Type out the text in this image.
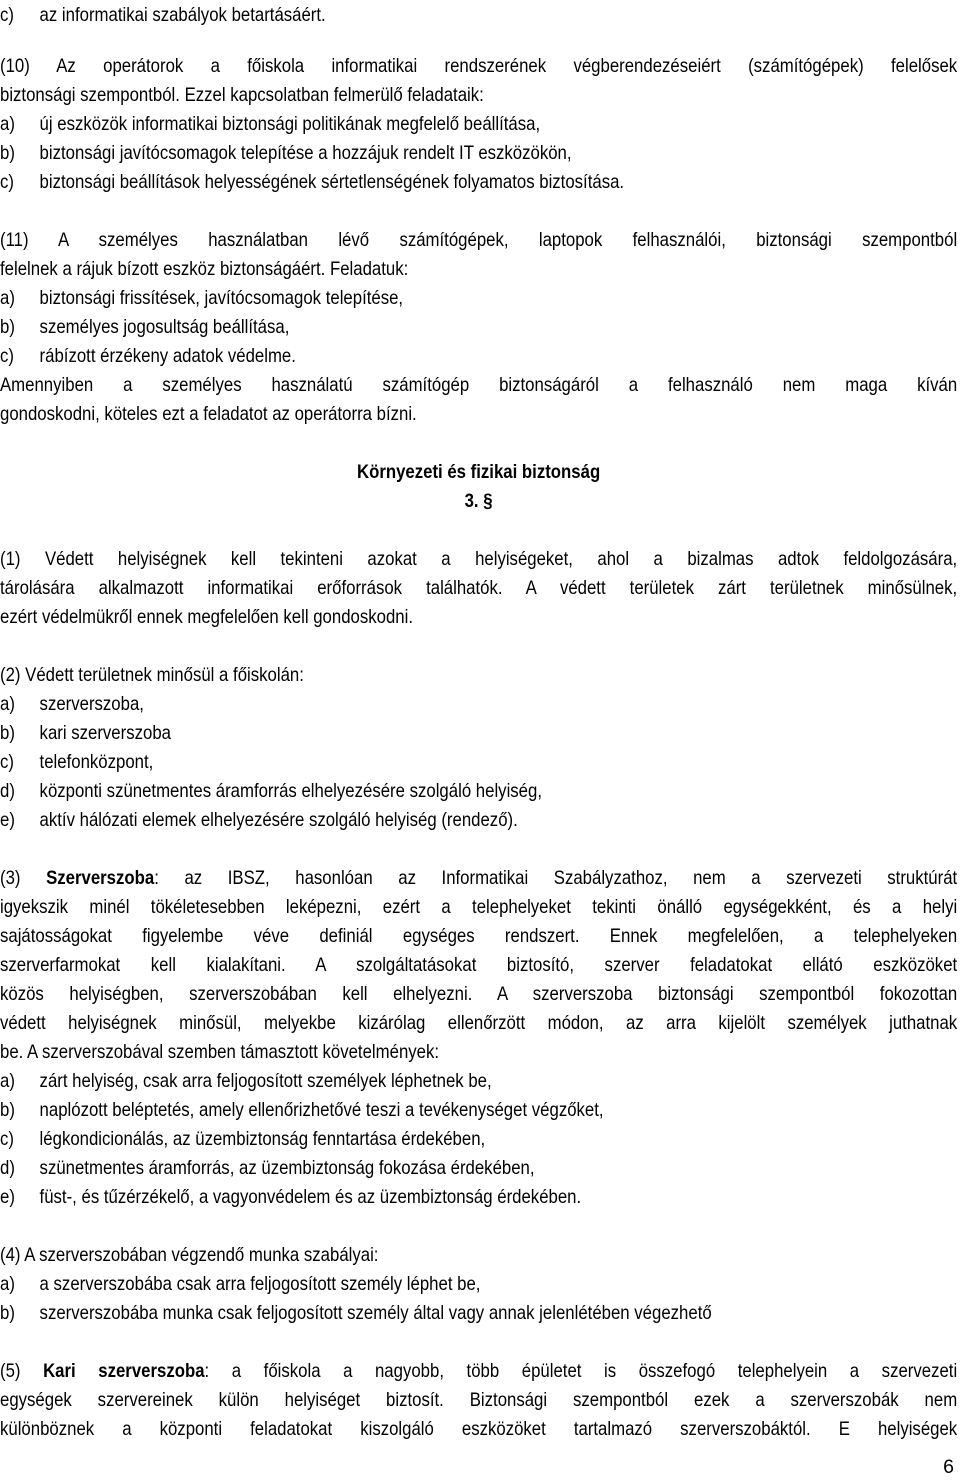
c) az informatikai szabályok betartásáért.
(10) Az operátorok a főiskola informatikai rendszerének végberendezéseiért (számítógépek) felelősek
biztonsági szempontból. Ezzel kapcsolatban felmerülő feladataik:
a) új eszközök informatikai biztonsági politikának megfelelő beállítása,
b) biztonsági javítócsomagok telepítése a hozzájuk rendelt IT eszközökön,
c) biztonsági beállítások helyességének sértetlenségének folyamatos biztosítása.
(11) A személyes használatban lévő számítógépek, laptopok felhasználói, biztonsági szempontból
felelnek a rájuk bízott eszköz biztonságáért. Feladatuk:
a) biztonsági frissítések, javítócsomagok telepítése,
b) személyes jogosultság beállítása,
c) rábízott érzékeny adatok védelme.
Amennyiben a személyes használatú számítógép biztonságáról a felhasználó nem maga kíván
gondoskodni, köteles ezt a feladatot az operátorra bízni.
Környezeti és fizikai biztonság
3. §
(1) Védett helyiségnek kell tekinteni azokat a helyiségeket, ahol a bizalmas adtok feldolgozására,
tárolására alkalmazott informatikai erőforrások találhatók. A védett területek zárt területnek minősülnek,
ezért védelmükről ennek megfelelően kell gondoskodni.
(2) Védett területnek minősül a főiskolán:
a) szerverszoba,
b) kari szerverszoba
c) telefonközpont,
d) központi szünetmentes áramforrás elhelyezésére szolgáló helyiség,
e) aktív hálózati elemek elhelyezésére szolgáló helyiség (rendező).
(3) Szerverszoba: az IBSZ, hasonlóan az Informatikai Szabályzathoz, nem a szervezeti struktúrát
igyekszik minél tökéletesebben leképezni, ezért a telephelyeket tekinti önálló egységekként, és a helyi
sajátosságokat figyelembe véve definiál egységes rendszert. Ennek megfelelően, a telephelyeken
szerverfarmokat kell kialakítani. A szolgáltatásokat biztosító, szerver feladatokat ellátó eszközöket
közös helyiségben, szerverszobában kell elhelyezni. A szerverszoba biztonsági szempontból fokozottan
védett helyiségnek minősül, melyekbe kizárólag ellenőrzött módon, az arra kijelölt személyek juthatnak
be. A szerverszobával szemben támasztott követelmények:
a) zárt helyiség, csak arra feljogosított személyek léphetnek be,
b) naplózott beléptetés, amely ellenőrizhetővé teszi a tevékenységet végzőket,
c) légkondicionálás, az üzembiztonság fenntartása érdekében,
d) szünetmentes áramforrás, az üzembiztonság fokozása érdekében,
e) füst-, és tűzérzékelő, a vagyonvédelem és az üzembiztonság érdekében.
(4) A szerverszobában végzendő munka szabályai:
a) a szerverszobába csak arra feljogosított személy léphet be,
b) szerverszobába munka csak feljogosított személy által vagy annak jelenlétében végezhető
(5) Kari szerverszoba: a főiskola a nagyobb, több épületet is összefogó telephelyein a szervezeti
egységek szervereinek külön helyiséget biztosít. Biztonsági szempontból ezek a szerverszobák nem
különböznek a központi feladatokat kiszolgáló eszközöket tartalmazó szerverszobáktól. E helyiségek
6
